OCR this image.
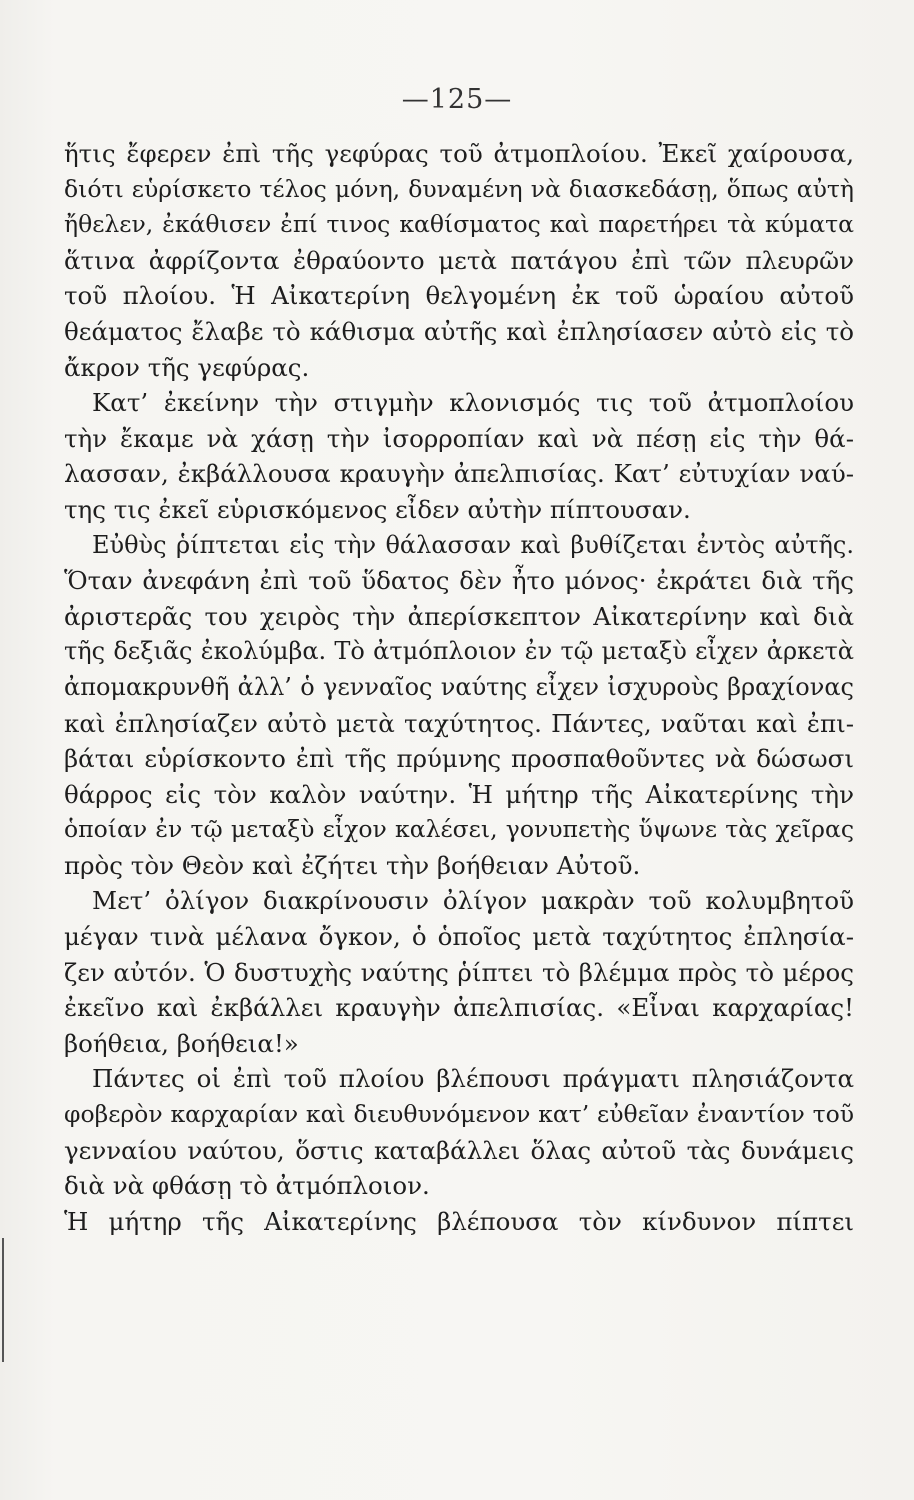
—125—
ἥτις ἔφερεν ἐπὶ τῆς γεφύρας τοῦ ἀτμοπλοίου. Ἐκεῖ χαίρουσα,
διότι εὑρίσκετο τέλος μόνη, δυναμένη νὰ διασκεδάσῃ, ὅπως αὐτὴ
ἤθελεν, ἐκάθισεν ἐπί τινος καθίσματος καὶ παρετήρει τὰ κύματα
ἅτινα ἀφρίζοντα ἐθραύοντο μετὰ πατάγου ἐπὶ τῶν πλευρῶν
τοῦ πλοίου. Ἡ Αἰκατερίνη θελγομένη ἐκ τοῦ ὡραίου αὐτοῦ
θεάματος ἔλαβε τὸ κάθισμα αὐτῆς καὶ ἐπλησίασεν αὐτὸ εἰς τὸ
ἄκρον τῆς γεφύρας.
Κατ’ ἐκείνην τὴν στιγμὴν κλονισμός τις τοῦ ἀτμοπλοίου
τὴν ἔκαμε νὰ χάσῃ τὴν ἰσορροπίαν καὶ νὰ πέσῃ εἰς τὴν θά-
λασσαν, ἐκβάλλουσα κραυγὴν ἀπελπισίας. Κατ’ εὐτυχίαν ναύ-
της τις ἐκεῖ εὑρισκόμενος εἶδεν αὐτὴν πίπτουσαν.
Εὐθὺς ῥίπτεται εἰς τὴν θάλασσαν καὶ βυθίζεται ἐντὸς αὐτῆς.
Ὅταν ἀνεφάνη ἐπὶ τοῦ ὕδατος δὲν ἦτο μόνος· ἐκράτει διὰ τῆς
ἀριστερᾶς του χειρὸς τὴν ἀπερίσκεπτον Αἰκατερίνην καὶ διὰ
τῆς δεξιᾶς ἐκολύμβα. Τὸ ἀτμόπλοιον ἐν τῷ μεταξὺ εἶχεν ἀρκετὰ
ἀπομακρυνθῆ ἀλλ’ ὁ γενναῖος ναύτης εἶχεν ἰσχυροὺς βραχίονας
καὶ ἐπλησίαζεν αὐτὸ μετὰ ταχύτητος. Πάντες, ναῦται καὶ ἐπι-
βάται εὑρίσκοντο ἐπὶ τῆς πρύμνης προσπαθοῦντες νὰ δώσωσι
θάρρος εἰς τὸν καλὸν ναύτην. Ἡ μήτηρ τῆς Αἰκατερίνης τὴν
ὁποίαν ἐν τῷ μεταξὺ εἶχον καλέσει, γονυπετὴς ὕψωνε τὰς χεῖρας
πρὸς τὸν Θεὸν καὶ ἐζήτει τὴν βοήθειαν Αὐτοῦ.
Μετ’ ὀλίγον διακρίνουσιν ὀλίγον μακρὰν τοῦ κολυμβητοῦ
μέγαν τινὰ μέλανα ὄγκον, ὁ ὁποῖος μετὰ ταχύτητος ἐπλησία-
ζεν αὐτόν. Ὁ δυστυχὴς ναύτης ῥίπτει τὸ βλέμμα πρὸς τὸ μέρος
ἐκεῖνο καὶ ἐκβάλλει κραυγὴν ἀπελπισίας. «Εἶναι καρχαρίας!
βοήθεια, βοήθεια!»
Πάντες οἱ ἐπὶ τοῦ πλοίου βλέπουσι πράγματι πλησιάζοντα
φοβερὸν καρχαρίαν καὶ διευθυνόμενον κατ’ εὐθεῖαν ἐναντίον τοῦ
γενναίου ναύτου, ὅστις καταβάλλει ὅλας αὐτοῦ τὰς δυνάμεις
διὰ νὰ φθάσῃ τὸ ἀτμόπλοιον.
Ἡ μήτηρ τῆς Αἰκατερίνης βλέπουσα τὸν κίνδυνον πίπτει
